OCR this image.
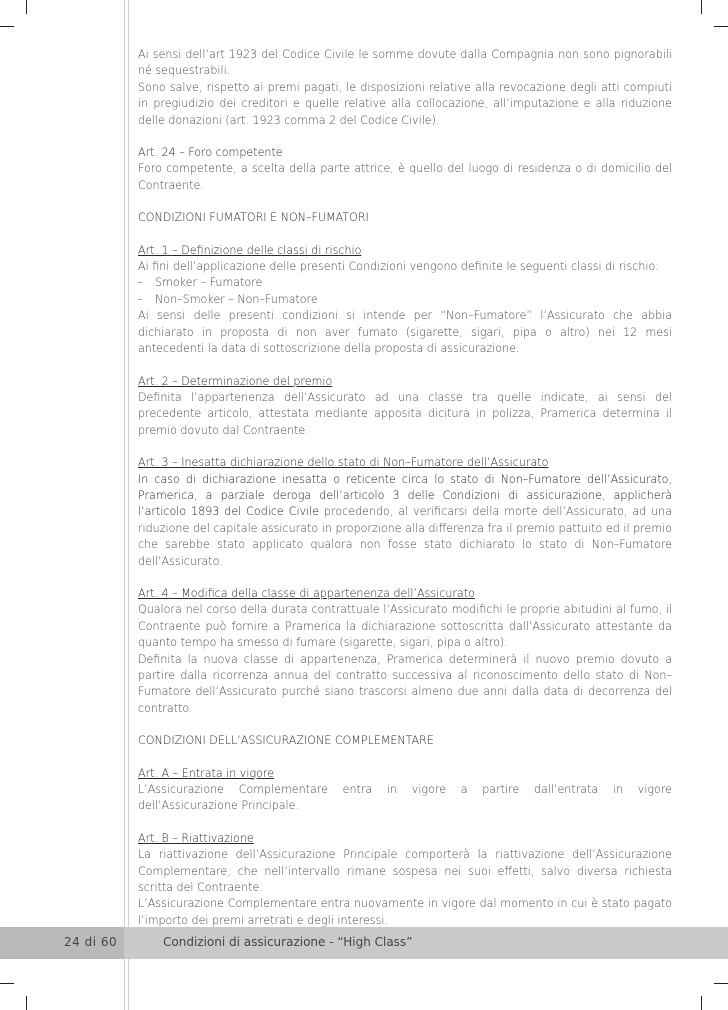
Ai sensi dell’art 1923 del Codice Civile le somme dovute dalla Compagnia non sono pignorabili né sequestrabili.

Sono salve, rispetto ai premi pagati, le disposizioni relative alla revocazione degli atti compiuti in pregiudizio dei creditori e quelle relative alla collocazione, all’imputazione e alla riduzione delle donazioni (art. 1923 comma 2 del Codice Civile).

Art. 24 – Foro competente

Foro competente, a scelta della parte attrice, è quello del luogo di residenza o di domicilio del Contraente.

CONDIZIONI FUMATORI E NON–FUMATORI

Art. 1 – Definizione delle classi di rischio

Ai fini dell’applicazione delle presenti Condizioni vengono definite le seguenti classi di rischio:

– Smoker – Fumatore

– Non–Smoker – Non–Fumatore

Ai sensi delle presenti condizioni si intende per “Non–Fumatore” l’Assicurato che abbia dichiarato in proposta di non aver fumato (sigarette, sigari, pipa o altro) nei 12 mesi antecedenti la data di sottoscrizione della proposta di assicurazione.

Art. 2 – Determinazione del premio

Definita l’appartenenza dell’Assicurato ad una classe tra quelle indicate, ai sensi del precedente articolo, attestata mediante apposita dicitura in polizza, Pramerica determina il premio dovuto dal Contraente.

Art. 3 – Inesatta dichiarazione dello stato di Non–Fumatore dell’Assicurato

In caso di dichiarazione inesatta o reticente circa lo stato di Non–Fumatore dell’Assicurato, Pramerica, a parziale deroga dell’articolo 3 delle Condizioni di assicurazione, applicherà l’articolo 1893 del Codice Civile procedendo, al verificarsi della morte dell’Assicurato, ad una riduzione del capitale assicurato in proporzione alla differenza fra il premio pattuito ed il premio che sarebbe stato applicato qualora non fosse stato dichiarato lo stato di Non–Fumatore dell’Assicurato.

Art. 4 – Modifica della classe di appartenenza dell’Assicurato

Qualora nel corso della durata contrattuale l’Assicurato modifichi le proprie abitudini al fumo, il Contraente può fornire a Pramerica la dichiarazione sottoscritta dall’Assicurato attestante da quanto tempo ha smesso di fumare (sigarette, sigari, pipa o altro).

Definita la nuova classe di appartenenza, Pramerica determinerà il nuovo premio dovuto a partire dalla ricorrenza annua del contratto successiva al riconoscimento dello stato di Non–Fumatore dell’Assicurato purché siano trascorsi almeno due anni dalla data di decorrenza del contratto.

CONDIZIONI DELL’ASSICURAZIONE COMPLEMENTARE

Art. A – Entrata in vigore

L’Assicurazione Complementare entra in vigore a partire dall’entrata in vigore dell’Assicurazione Principale.

Art. B – Riattivazione

La riattivazione dell’Assicurazione Principale comporterà la riattivazione dell’Assicurazione Complementare, che nell’intervallo rimane sospesa nei suoi effetti, salvo diversa richiesta scritta del Contraente.

L’Assicurazione Complementare entra nuovamente in vigore dal momento in cui è stato pagato l’importo dei premi arretrati e degli interessi.

24 di 60	Condizioni di assicurazione - “High Class”
